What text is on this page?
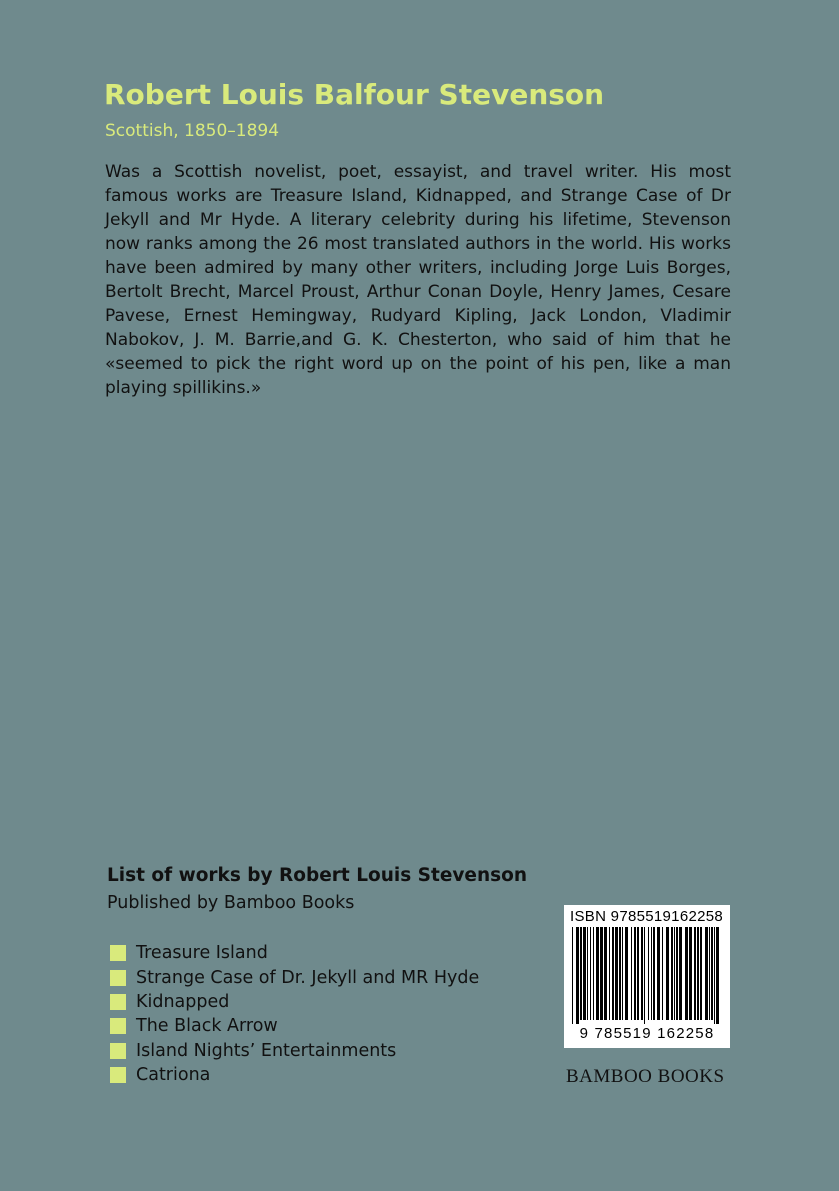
Robert Louis Balfour Stevenson

Scottish, 1850–1894

Was a Scottish novelist, poet, essayist, and travel writer. His most famous works are Treasure Island, Kidnapped, and Strange Case of Dr Jekyll and Mr Hyde. A literary celebrity during his lifetime, Stevenson now ranks among the 26 most translated authors in the world. His works have been admired by many other writers, including Jorge Luis Borges, Bertolt Brecht, Marcel Proust, Arthur Conan Doyle, Henry James, Cesare Pavese, Ernest Hemingway, Rudyard Kipling, Jack London, Vladimir Nabokov, J. M. Barrie,and G. K. Chesterton, who said of him that he «seemed to pick the right word up on the point of his pen, like a man playing spillikins.»

List of works by Robert Louis Stevenson

Published by Bamboo Books

Treasure Island
Strange Case of Dr. Jekyll and MR Hyde
Kidnapped
The Black Arrow
Island Nights’ Entertainments
Catriona
ISBN 9785519162258
9 785519 162258
BAMBOO BOOKS
